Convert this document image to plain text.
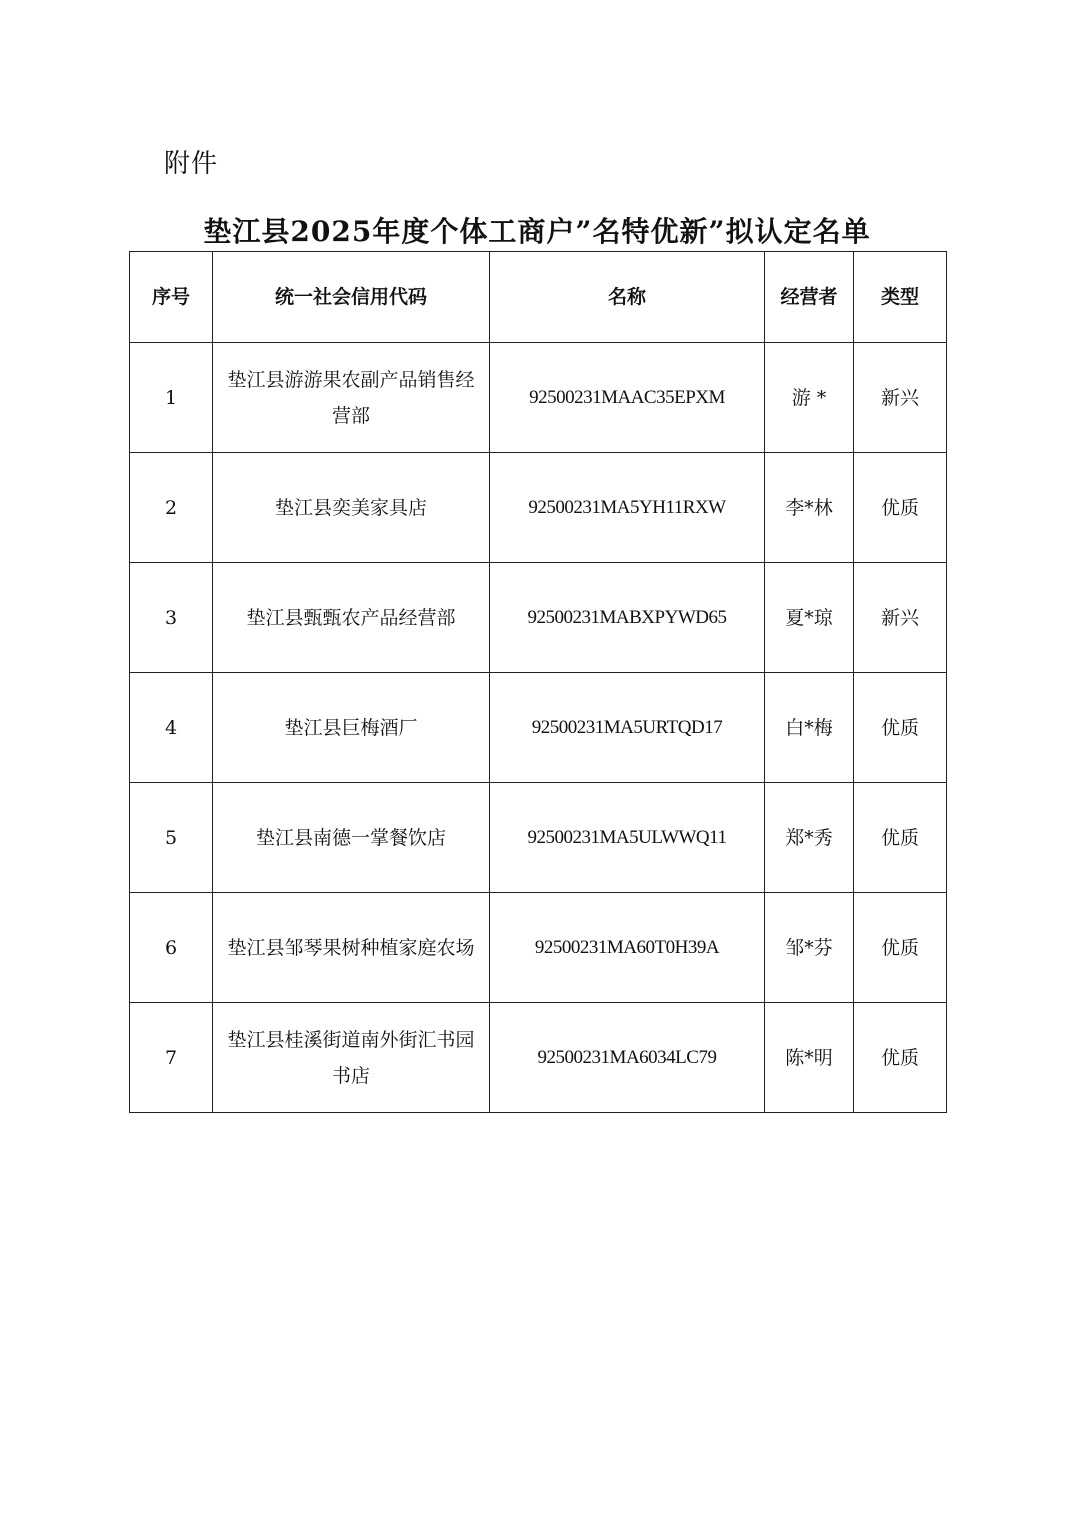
附件
垫江县2025年度个体工商户”名特优新”拟认定名单
序号	统一社会信用代码	名称	经营者	类型
1	垫江县游游果农副产品销售经营部	92500231MAAC35EPXM	游 *	新兴
2	垫江县奕美家具店	92500231MA5YH11RXW	李*林	优质
3	垫江县甄甄农产品经营部	92500231MABXPYWD65	夏*琼	新兴
4	垫江县巨梅酒厂	92500231MA5URTQD17	白*梅	优质
5	垫江县南德一掌餐饮店	92500231MA5ULWWQ11	郑*秀	优质
6	垫江县邹琴果树种植家庭农场	92500231MA60T0H39A	邹*芬	优质
7	垫江县桂溪街道南外街汇书园书店	92500231MA6034LC79	陈*明	优质
